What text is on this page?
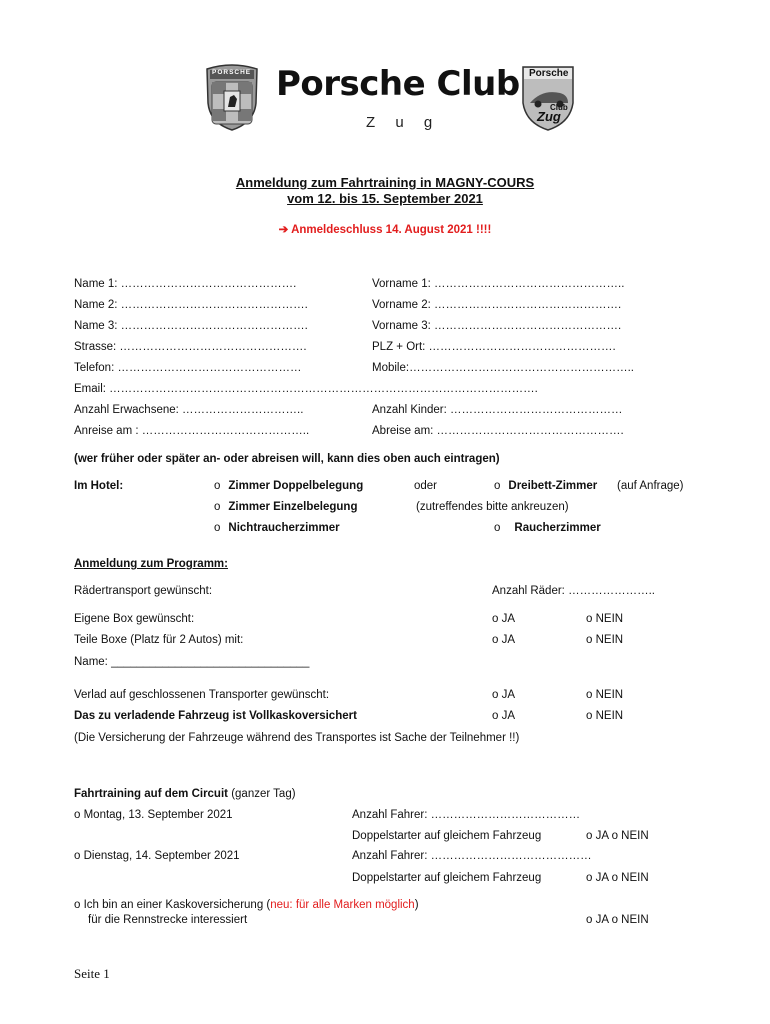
PORSCHE Porsche Club
Z u g
Porsche
Club
Zug
Anmeldung zum Fahrtraining in MAGNY-COURS
vom 12. bis 15. September 2021
➔ Anmeldeschluss 14. August 2021 !!!!
Name 1: ……………………………………….	Vorname 1: …………………………………………..
Name 2: ………………………………………….	Vorname 2: ………………………………………….
Name 3: ………………………………………….	Vorname 3: ………………………………………….
Strasse: ………………………………………….	PLZ + Ort: ………………………………………….
Telefon: …………………………………………	Mobile:…………………………………………………..
Email: ………………………………………………………………………………………………….
Anzahl Erwachsene: …………………………..	Anzahl Kinder: ………………………………………
Anreise am : ……………………………………..	Abreise am: ………………………………………….
(wer früher oder später an- oder abreisen will, kann dies oben auch eintragen)
Im Hotel:	o Zimmer Doppelbelegung	oder	o Dreibett-Zimmer (auf Anfrage)
o Zimmer Einzelbelegung	(zutreffendes bitte ankreuzen)
o Nichtraucherzimmer	o Raucherzimmer
Anmeldung zum Programm:
Rädertransport gewünscht:	Anzahl Räder: …………………..
Eigene Box gewünscht:	o JA	o NEIN
Teile Boxe (Platz für 2 Autos) mit:	o JA	o NEIN
Name: _______________________________
Verlad auf geschlossenen Transporter gewünscht:	o JA	o NEIN
Das zu verladende Fahrzeug ist Vollkaskoversichert	o JA	o NEIN
(Die Versicherung der Fahrzeuge während des Transportes ist Sache der Teilnehmer !!)
Fahrtraining auf dem Circuit (ganzer Tag)
o Montag, 13. September 2021	Anzahl Fahrer: …………………………………
Doppelstarter auf gleichem Fahrzeug	o JA o NEIN
o Dienstag, 14. September 2021	Anzahl Fahrer: ……………………………………
Doppelstarter auf gleichem Fahrzeug	o JA o NEIN
o Ich bin an einer Kaskoversicherung (neu: für alle Marken möglich)
für die Rennstrecke interessiert	o JA o NEIN
Seite 1
